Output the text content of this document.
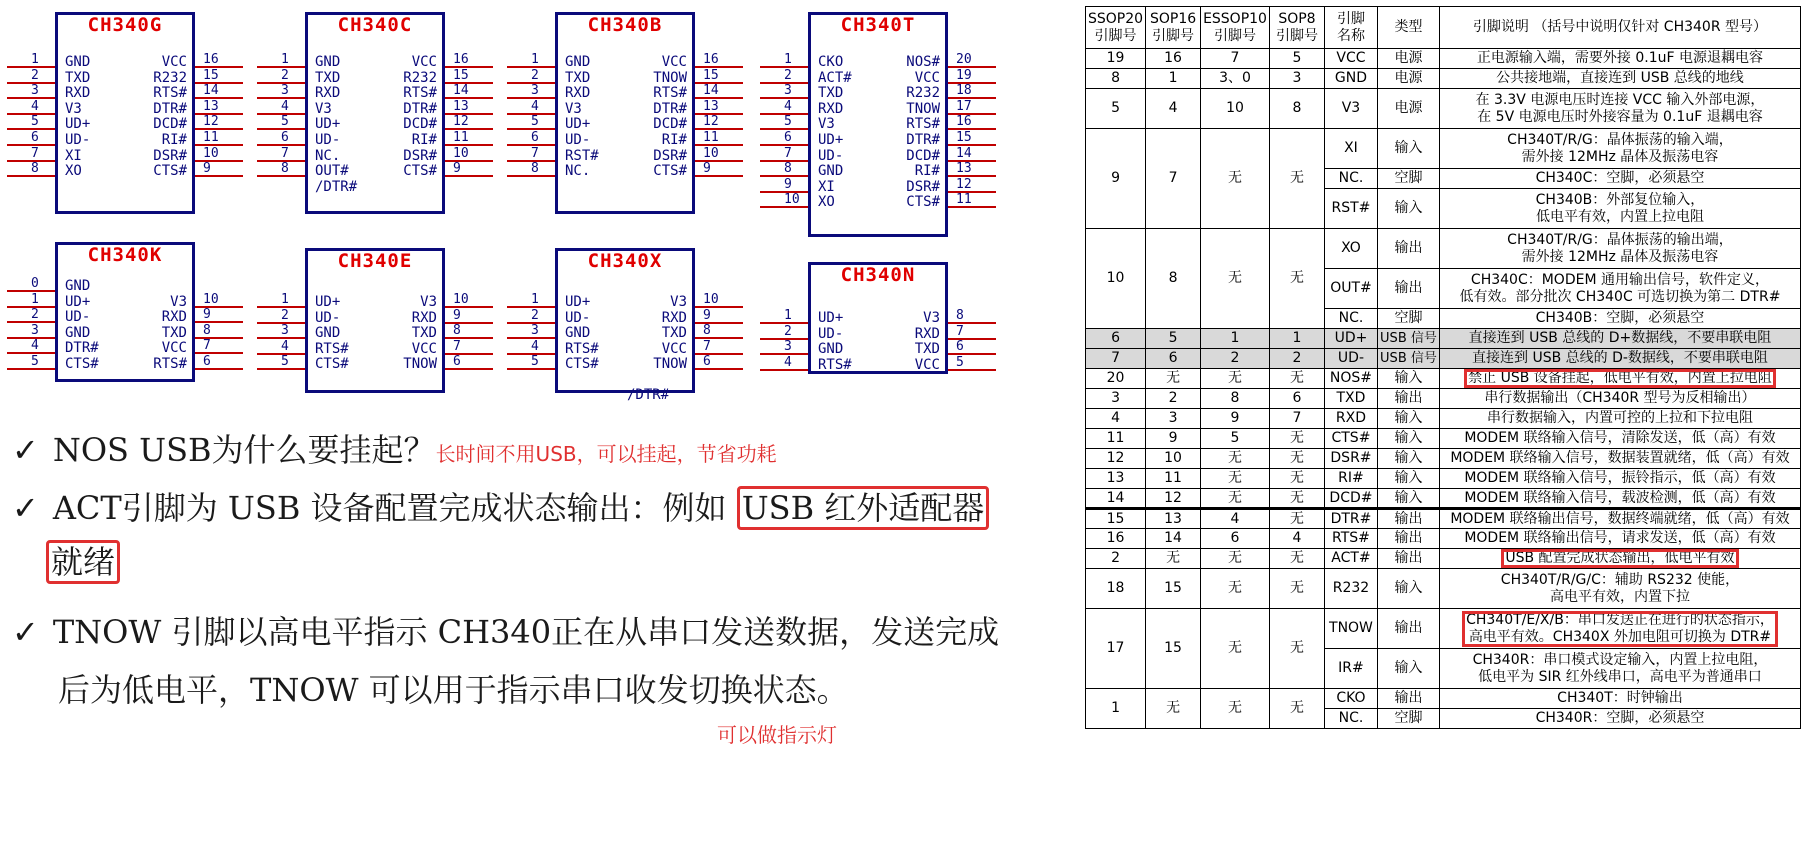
CH340G
1 GND
2 TXD
3 RXD
4 V3
5 UD+
6 UD-
7 XI
8 XO
16
VCC
15
R232
14
RTS#
13
DTR#
12
DCD#
11
RI#
10
DSR#
9
CTS#
CH340C
1 GND
2 TXD
3 RXD
4 V3
5 UD+
6 UD-
7 NC.
8 OUT#
16
VCC
15
R232
14
RTS#
13
DTR#
12
DCD#
11
RI#
10
DSR#
9
CTS#
/DTR#
CH340B
1 GND
2 TXD
3 RXD
4 V3
5 UD+
6 UD-
7 RST#
8 NC.
16
VCC
15
TNOW
14
RTS#
13
DTR#
12
DCD#
11
RI#
10
DSR#
9
CTS#
CH340T
1 CKO
2 ACT#
3 TXD
4 RXD
5 V3
6 UD+
7 UD-
8 GND
9 XI
10 XO
20
NOS#
19
VCC
18
R232
17
TNOW
16
RTS#
15
DTR#
14
DCD#
13
RI#
12
DSR#
11
CTS#
CH340K
0 GND
1 UD+
2 UD-
3 GND
4 DTR#
5 CTS#
10
V3
9
RXD
8
TXD
7
VCC
6
RTS#
CH340E
1 UD+
2 UD-
3 GND
4 RTS#
5 CTS#
10
V3
9
RXD
8
TXD
7
VCC
6
TNOW
CH340X
1 UD+
2 UD-
3 GND
4 RTS#
5 CTS#
10
V3
9
RXD
8
TXD
7
VCC
6
TNOW
/DTR#
CH340N
1 UD+
2 UD-
3 GND
4 RTS#
8
V3
7
RXD
6
TXD
5
VCC
✓ NOS USB为什么要挂起？长时间不用USB，可以挂起，节省功耗
✓ ACT引脚为 USB 设备配置完成状态输出：例如 USB 红外适配器
就绪
✓ TNOW 引脚以高电平指示 CH340正在从串口发送数据，发送完成
后为低电平，TNOW 可以用于指示串口收发切换状态。
可以做指示灯
SSOP20
引脚号	SOP16
引脚号	ESSOP10
引脚号	SOP8
引脚号	引脚
名称	类型	引脚说明 （括号中说明仅针对 CH340R 型号）
19	16	7	5	VCC	电源	正电源输入端，需要外接 0.1uF 电源退耦电容
8	1	3、0	3	GND	电源	公共接地端，直接连到 USB 总线的地线
5	4	10	8	V3	电源	在 3.3V 电源电压时连接 VCC 输入外部电源，
在 5V 电源电压时外接容量为 0.1uF 退耦电容
9	7	无	无	XI	输入	CH340T/R/G：晶体振荡的输入端，
需外接 12MHz 晶体及振荡电容
				NC.	空脚	CH340C：空脚，必须悬空
				RST#	输入	CH340B：外部复位输入，
低电平有效，内置上拉电阻
10	8	无	无	XO	输出	CH340T/R/G：晶体振荡的输出端，
需外接 12MHz 晶体及振荡电容
				OUT#	输出	CH340C：MODEM 通用输出信号，软件定义，
低有效。部分批次 CH340C 可选切换为第二 DTR#
				NC.	空脚	CH340B：空脚，必须悬空
6	5	1	1	UD+	USB 信号	直接连到 USB 总线的 D+数据线，不要串联电阻
7	6	2	2	UD-	USB 信号	直接连到 USB 总线的 D-数据线，不要串联电阻
20	无	无	无	NOS#	输入	禁止 USB 设备挂起，低电平有效，内置上拉电阻
3	2	8	6	TXD	输出	串行数据输出（CH340R 型号为反相输出）
4	3	9	7	RXD	输入	串行数据输入，内置可控的上拉和下拉电阻
11	9	5	无	CTS#	输入	MODEM 联络输入信号，清除发送，低（高）有效
12	10	无	无	DSR#	输入	MODEM 联络输入信号，数据装置就绪，低（高）有效
13	11	无	无	RI#	输入	MODEM 联络输入信号，振铃指示，低（高）有效
14	12	无	无	DCD#	输入	MODEM 联络输入信号，载波检测，低（高）有效
15	13	4	无	DTR#	输出	MODEM 联络输出信号，数据终端就绪，低（高）有效
16	14	6	4	RTS#	输出	MODEM 联络输出信号，请求发送，低（高）有效
2	无	无	无	ACT#	输出	USB 配置完成状态输出，低电平有效
18	15	无	无	R232	输入	CH340T/R/G/C：辅助 RS232 使能，
高电平有效，内置下拉
17	15	无	无	TNOW	输出	CH340T/E/X/B：串口发送正在进行的状态指示，
高电平有效。CH340X 外加电阻可切换为 DTR#
				IR#	输入	CH340R：串口模式设定输入，内置上拉电阻，
低电平为 SIR 红外线串口，高电平为普通串口
1	无	无	无	CKO	输出	CH340T：时钟输出
				NC.	空脚	CH340R：空脚，必须悬空
